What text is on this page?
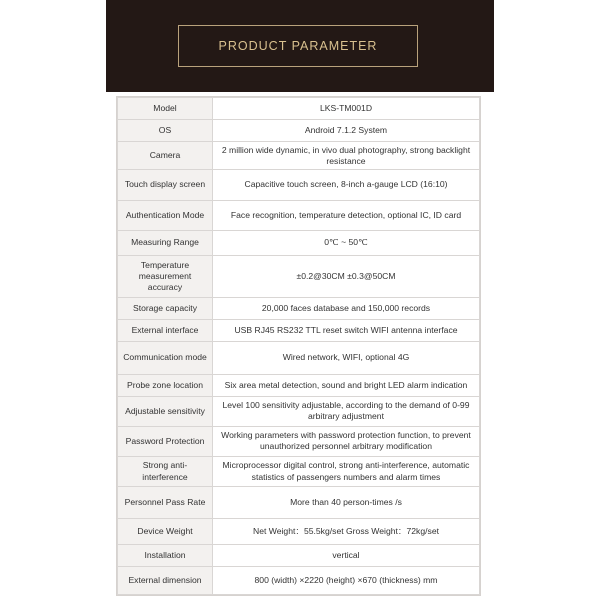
PRODUCT PARAMETER
Model	LKS-TM001D
OS	Android 7.1.2 System
Camera	2 million wide dynamic, in vivo dual photography, strong backlight resistance
Touch display screen	Capacitive touch screen, 8-inch a-gauge LCD (16:10)
Authentication Mode	Face recognition, temperature detection, optional IC, ID card
Measuring Range	0℃ ~ 50℃
Temperature measurement accuracy	±0.2@30CM ±0.3@50CM
Storage capacity	20,000 faces database and 150,000 records
External interface	USB RJ45 RS232 TTL reset switch WIFI antenna interface
Communication mode	Wired network, WIFI, optional 4G
Probe zone location	Six area metal detection, sound and bright LED alarm indication
Adjustable sensitivity	Level 100 sensitivity adjustable, according to the demand of 0-99 arbitrary adjustment
Password Protection	Working parameters with password protection function, to prevent unauthorized personnel arbitrary modification
Strong anti-interference	Microprocessor digital control, strong anti-interference, automatic statistics of passengers numbers and alarm times
Personnel Pass Rate	More than 40 person-times /s
Device Weight	Net Weight：55.5kg/set Gross Weight：72kg/set
Installation	vertical
External dimension	800 (width) ×2220 (height) ×670 (thickness) mm
